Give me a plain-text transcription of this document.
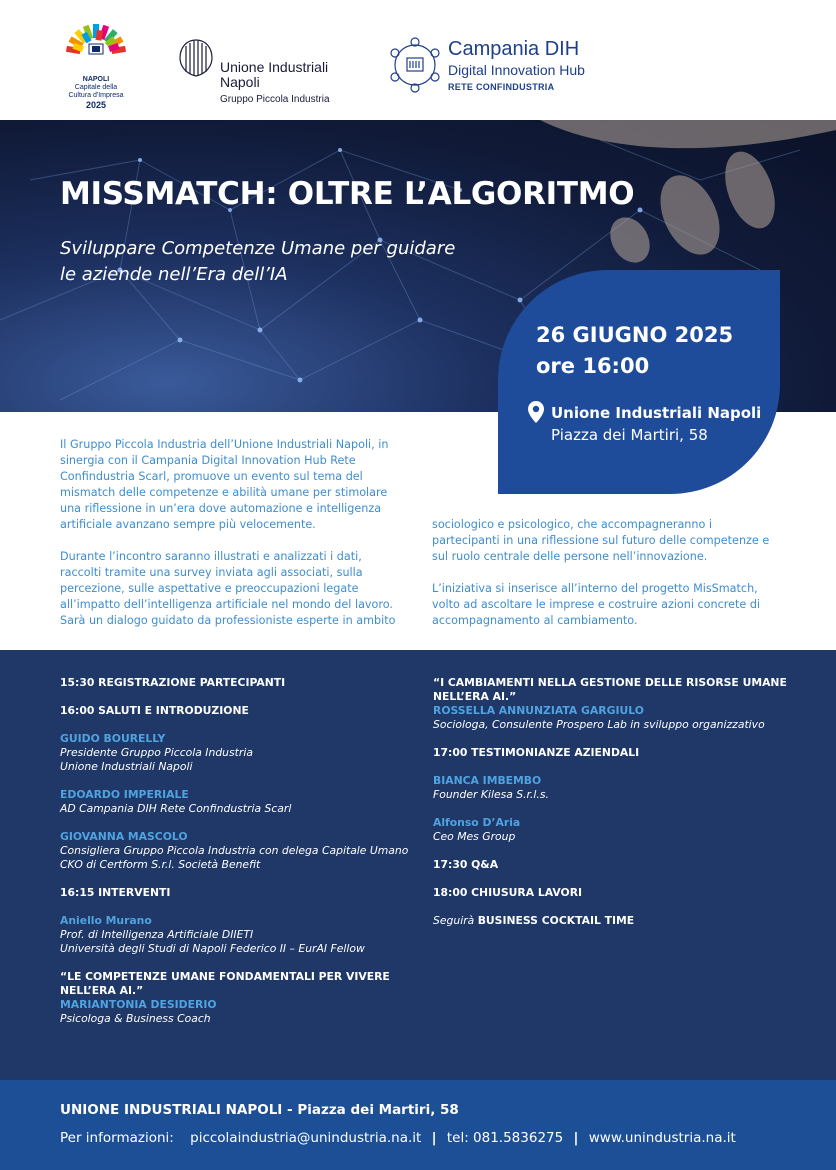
NAPOLI
Capitale della
Cultura d'Impresa
2025
Unione Industriali
Napoli
Gruppo Piccola Industria
Campania DIH
Digital Innovation Hub
RETE CONFINDUSTRIA
MISSMATCH: OLTRE L’ALGORITMO
Sviluppare Competenze Umane per guidare
le aziende nell’Era dell’IA
26 GIUGNO 2025
ore 16:00
Unione Industriali Napoli
Piazza dei Martiri, 58

Il Gruppo Piccola Industria dell’Unione Industriali Napoli, in sinergia con il Campania Digital Innovation Hub Rete Confindustria Scarl, promuove un evento sul tema del mismatch delle competenze e abilità umane per stimolare una riflessione in un’era dove automazione e intelligenza artificiale avanzano sempre più velocemente.

Durante l’incontro saranno illustrati e analizzati i dati, raccolti tramite una survey inviata agli associati, sulla percezione, sulle aspettative e preoccupazioni legate all’impatto dell’intelligenza artificiale nel mondo del lavoro. Sarà un dialogo guidato da professioniste esperte in ambito

sociologico e psicologico, che accompagneranno i partecipanti in una riflessione sul futuro delle competenze e sul ruolo centrale delle persone nell’innovazione.

L’iniziativa si inserisce all’interno del progetto MisSmatch, volto ad ascoltare le imprese e costruire azioni concrete di accompagnamento al cambiamento.

15:30 REGISTRAZIONE PARTECIPANTI
16:00 SALUTI E INTRODUZIONE
GUIDO BOURELLY
Presidente Gruppo Piccola Industria
Unione Industriali Napoli
EDOARDO IMPERIALE
AD Campania DIH Rete Confindustria Scarl
GIOVANNA MASCOLO
Consigliera Gruppo Piccola Industria con delega Capitale Umano
CKO di Certform S.r.l. Società Benefit
16:15 INTERVENTI
Aniello Murano
Prof. di Intelligenza Artificiale DIIETI
Università degli Studi di Napoli Federico II – EurAI Fellow
“LE COMPETENZE UMANE FONDAMENTALI PER VIVERE NELL’ERA AI.”
MARIANTONIA DESIDERIO
Psicologa & Business Coach
“I CAMBIAMENTI NELLA GESTIONE DELLE RISORSE UMANE NELL’ERA AI.”
ROSSELLA ANNUNZIATA GARGIULO
Sociologa, Consulente Prospero Lab in sviluppo organizzativo
17:00 TESTIMONIANZE AZIENDALI
BIANCA IMBEMBO
Founder Kilesa S.r.l.s.
Alfonso D’Aria
Ceo Mes Group
17:30 Q&A
18:00 CHIUSURA LAVORI
Seguirà BUSINESS COCKTAIL TIME
UNIONE INDUSTRIALI NAPOLI - Piazza dei Martiri, 58
Per informazioni: piccolaindustria@unindustria.na.it | tel: 081.5836275 | www.unindustria.na.it
